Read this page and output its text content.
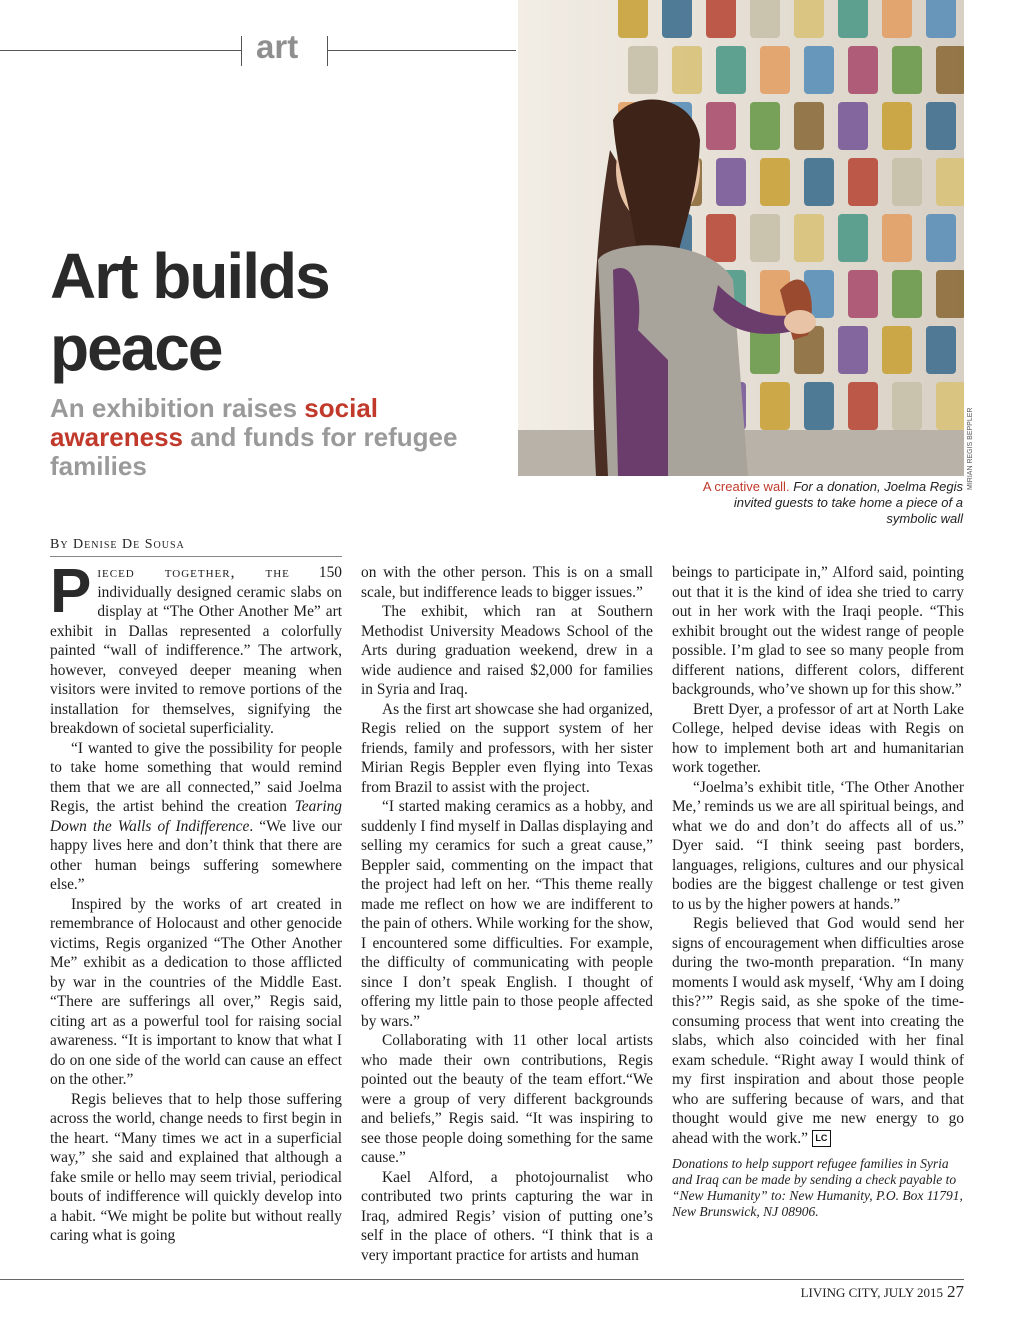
art
Art builds peace
An exhibition raises social awareness and funds for refugee families	MIRIAN REGIS BEPPLER
A creative wall. For a donation, Joelma Regis invited guests to take home a piece of a symbolic wall
By Denise De Sousa

Pieced together, the 150 individually designed ceramic slabs on display at “The Other Another Me” art exhibit in Dallas represented a colorfully painted “wall of indifference.” The artwork, however, conveyed deeper meaning when visitors were invited to remove portions of the installation for themselves, signifying the breakdown of societal superficiality.

“I wanted to give the possibility for people to take home something that would remind them that we are all connected,” said Joelma Regis, the artist behind the creation Tearing Down the Walls of Indifference. “We live our happy lives here and don’t think that there are other human beings suffering somewhere else.”

Inspired by the works of art created in remembrance of Holocaust and other genocide victims, Regis organized “The Other Another Me” exhibit as a dedication to those afflicted by war in the countries of the Middle East. “There are sufferings all over,” Regis said, citing art as a powerful tool for raising social awareness. “It is important to know that what I do on one side of the world can cause an effect on the other.”

Regis believes that to help those suffering across the world, change needs to first begin in the heart. “Many times we act in a superficial way,” she said and explained that although a fake smile or hello may seem trivial, periodical bouts of indifference will quickly develop into a habit. “We might be polite but without really caring what is going

on with the other person. This is on a small scale, but indifference leads to bigger issues.”

The exhibit, which ran at Southern Methodist University Meadows School of the Arts during graduation weekend, drew in a wide audience and raised $2,000 for families in Syria and Iraq.

As the first art showcase she had organized, Regis relied on the support system of her friends, family and professors, with her sister Mirian Regis Beppler even flying into Texas from Brazil to assist with the project.

“I started making ceramics as a hobby, and suddenly I find myself in Dallas displaying and selling my ceramics for such a great cause,” Beppler said, commenting on the impact that the project had left on her. “This theme really made me reflect on how we are indifferent to the pain of others. While working for the show, I encountered some difficulties. For example, the difficulty of communicating with people since I don’t speak English. I thought of offering my little pain to those people affected by wars.”

Collaborating with 11 other local artists who made their own contributions, Regis pointed out the beauty of the team effort.“We were a group of very different backgrounds and beliefs,” Regis said. “It was inspiring to see those people doing something for the same cause.”

Kael Alford, a photojournalist who contributed two prints capturing the war in Iraq, admired Regis’ vision of putting one’s self in the place of others. “I think that is a very important practice for artists and human

beings to participate in,” Alford said, pointing out that it is the kind of idea she tried to carry out in her work with the Iraqi people. “This exhibit brought out the widest range of people possible. I’m glad to see so many people from different nations, different colors, different backgrounds, who’ve shown up for this show.”

Brett Dyer, a professor of art at North Lake College, helped devise ideas with Regis on how to implement both art and humanitarian work together.

“Joelma’s exhibit title, ‘The Other Another Me,’ reminds us we are all spiritual beings, and what we do and don’t do affects all of us.” Dyer said. “I think seeing past borders, languages, religions, cultures and our physical bodies are the biggest challenge or test given to us by the higher powers at hands.”

Regis believed that God would send her signs of encouragement when difficulties arose during the two-month preparation. “In many moments I would ask myself, ‘Why am I doing this?’” Regis said, as she spoke of the time-consuming process that went into creating the slabs, which also coincided with her final exam schedule. “Right away I would think of my first inspiration and about those people who are suffering because of wars, and that thought would give me new energy to go ahead with the work.” LC

Donations to help support refugee families in Syria and Iraq can be made by sending a check payable to “New Humanity” to: New Humanity, P.O. Box 11791, New Brunswick, NJ 08906.
LIVING CITY, JULY 2015 27
